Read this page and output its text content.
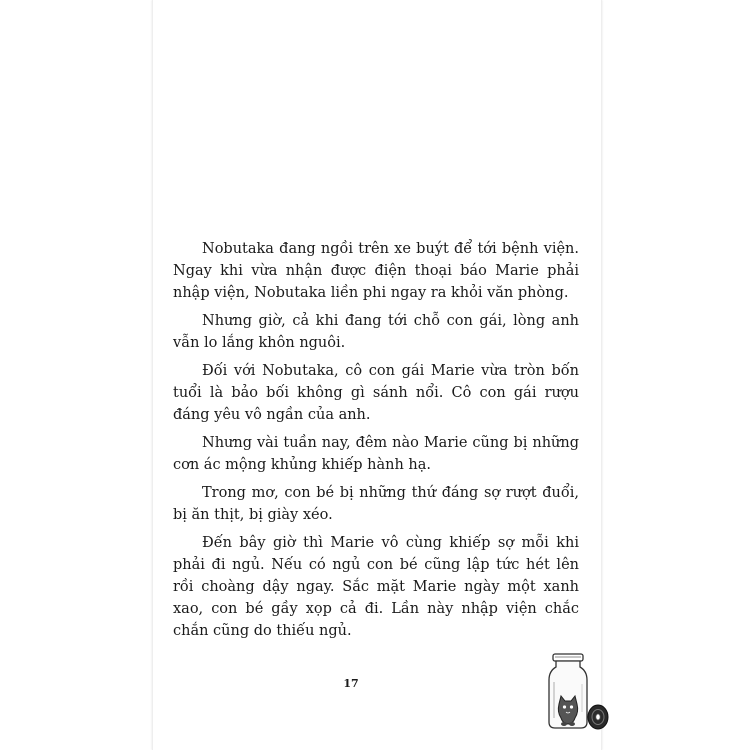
Nobutaka đang ngồi trên xe buýt để tới bệnh viện. Ngay khi vừa nhận được điện thoại báo Marie phải nhập viện, Nobutaka liền phi ngay ra khỏi văn phòng.

Nhưng giờ, cả khi đang tới chỗ con gái, lòng anh vẫn lo lắng khôn nguôi.

Đối với Nobutaka, cô con gái Marie vừa tròn bốn tuổi là bảo bối không gì sánh nổi. Cô con gái rượu đáng yêu vô ngần của anh.

Nhưng vài tuần nay, đêm nào Marie cũng bị những cơn ác mộng khủng khiếp hành hạ.

Trong mơ, con bé bị những thứ đáng sợ rượt đuổi, bị ăn thịt, bị giày xéo.

Đến bây giờ thì Marie vô cùng khiếp sợ mỗi khi phải đi ngủ. Nếu có ngủ con bé cũng lập tức hét lên rồi choàng dậy ngay. Sắc mặt Marie ngày một xanh xao, con bé gầy xọp cả đi. Lần này nhập viện chắc chắn cũng do thiếu ngủ.

17
